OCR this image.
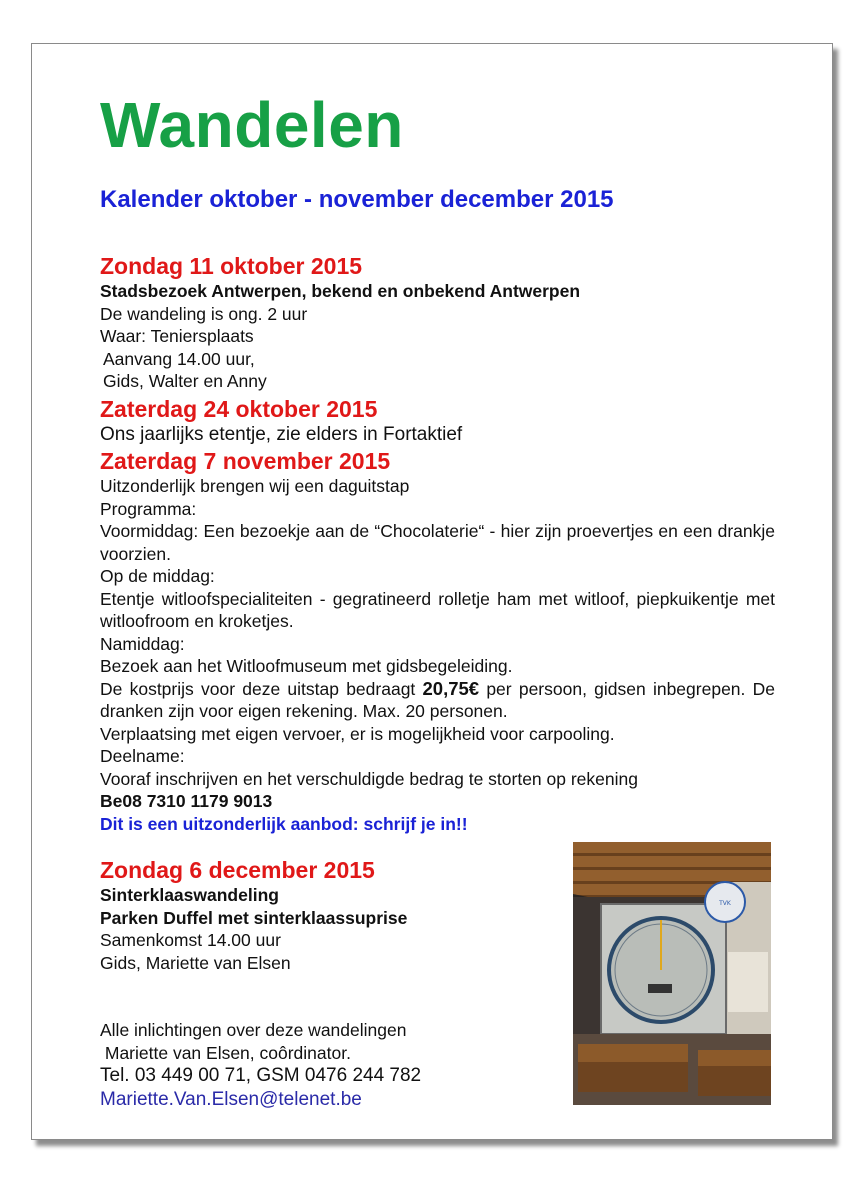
Wandelen
Kalender oktober - november december 2015
Zondag 11 oktober 2015
Stadsbezoek Antwerpen, bekend en onbekend Antwerpen
De wandeling is ong. 2 uur
Waar: Teniersplaats
Aanvang 14.00 uur,
Gids, Walter en Anny
Zaterdag 24 oktober 2015
Ons jaarlijks etentje, zie elders in Fortaktief
Zaterdag 7 november 2015
Uitzonderlijk brengen wij een daguitstap
Programma:
Voormiddag: Een bezoekje aan de “Chocolaterie“ - hier zijn proevertjes en een drankje voorzien.
Op de middag:
Etentje witloofspecialiteiten - gegratineerd rolletje ham met witloof, piepkuikentje met witloofroom en kroketjes.
Namiddag:
Bezoek aan het Witloofmuseum met gidsbegeleiding.
De kostprijs voor deze uitstap bedraagt 20,75€ per persoon, gidsen inbegrepen. De dranken zijn voor eigen rekening. Max. 20 personen.
Verplaatsing met eigen vervoer, er is mogelijkheid voor carpooling.
Deelname:
Vooraf inschrijven en het verschuldigde bedrag te storten op rekening
Be08 7310 1179 9013
Dit is een uitzonderlijk aanbod: schrijf je in!!
Zondag 6 december 2015
Sinterklaaswandeling
Parken Duffel met sinterklaassuprise
Samenkomst 14.00 uur
Gids, Mariette van Elsen
Alle inlichtingen over deze wandelingen
Mariette van Elsen, coôrdinator.
Tel. 03 449 00 71, GSM 0476 244 782
Mariette.Van.Elsen@telenet.be
TVK
